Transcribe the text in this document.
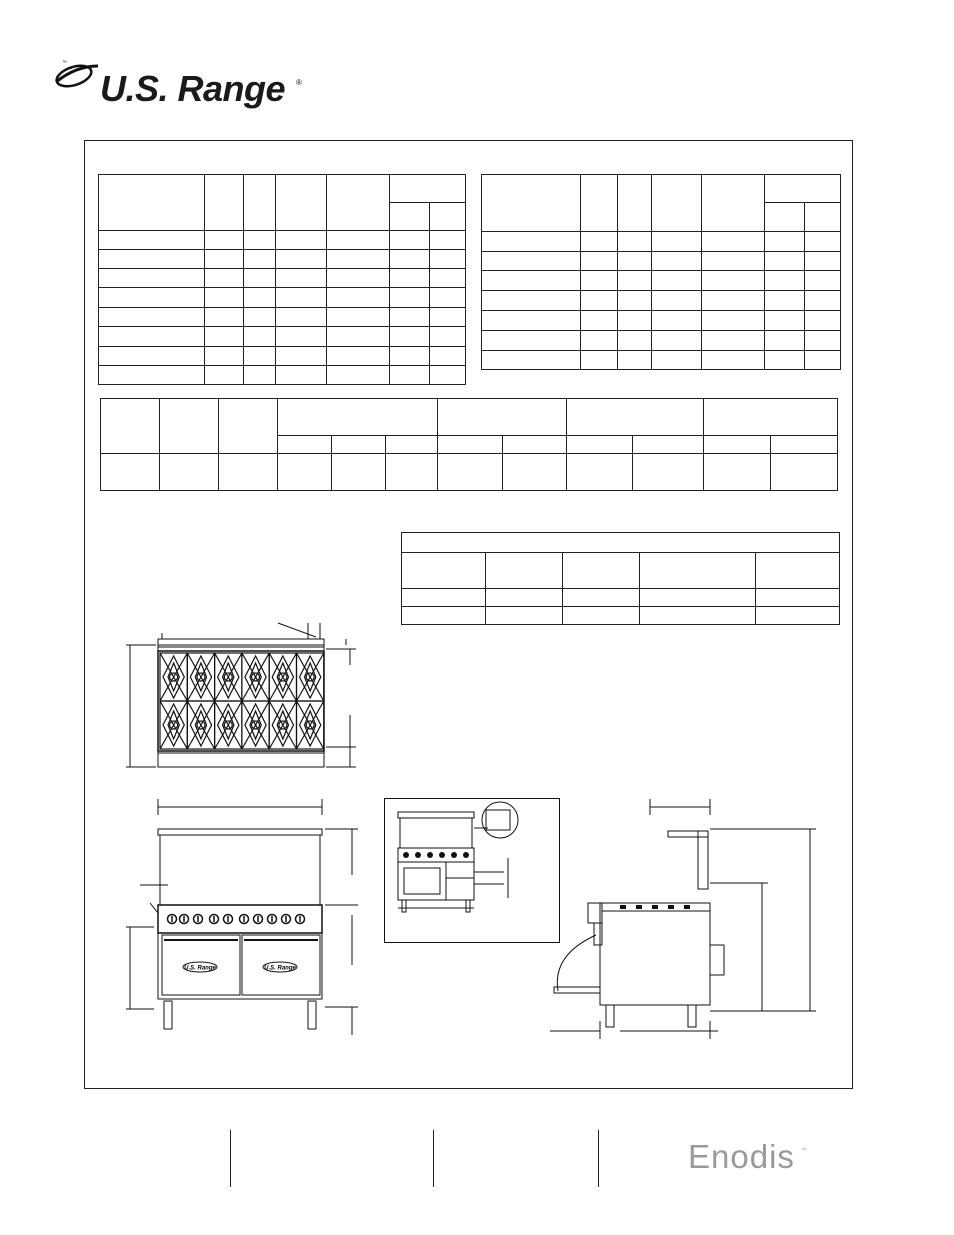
™
U.S. Range ®

U.S. Range	U.S. Range
Enodis ™
